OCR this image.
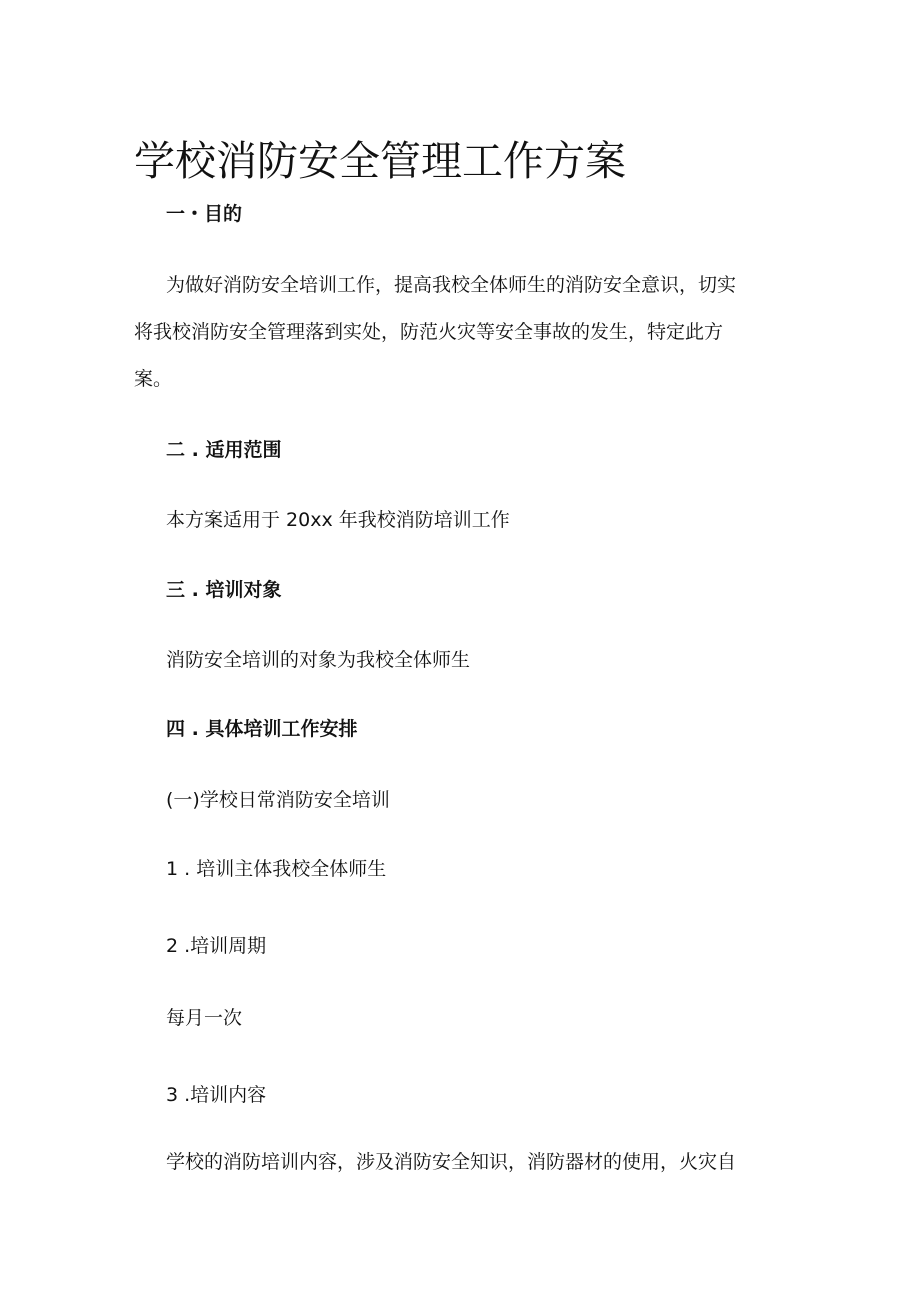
学校消防安全管理工作方案
一・目的
为做好消防安全培训工作，提高我校全体师生的消防安全意识，切实
将我校消防安全管理落到实处，防范火灾等安全事故的发生，特定此方
案。
二 . 适用范围
本方案适用于 20xx 年我校消防培训工作
三 . 培训对象
消防安全培训的对象为我校全体师生
四 . 具体培训工作安排
(一)学校日常消防安全培训
1 . 培训主体我校全体师生
2 .培训周期
每月一次
3 .培训内容
学校的消防培训内容，涉及消防安全知识，消防器材的使用，火灾自
